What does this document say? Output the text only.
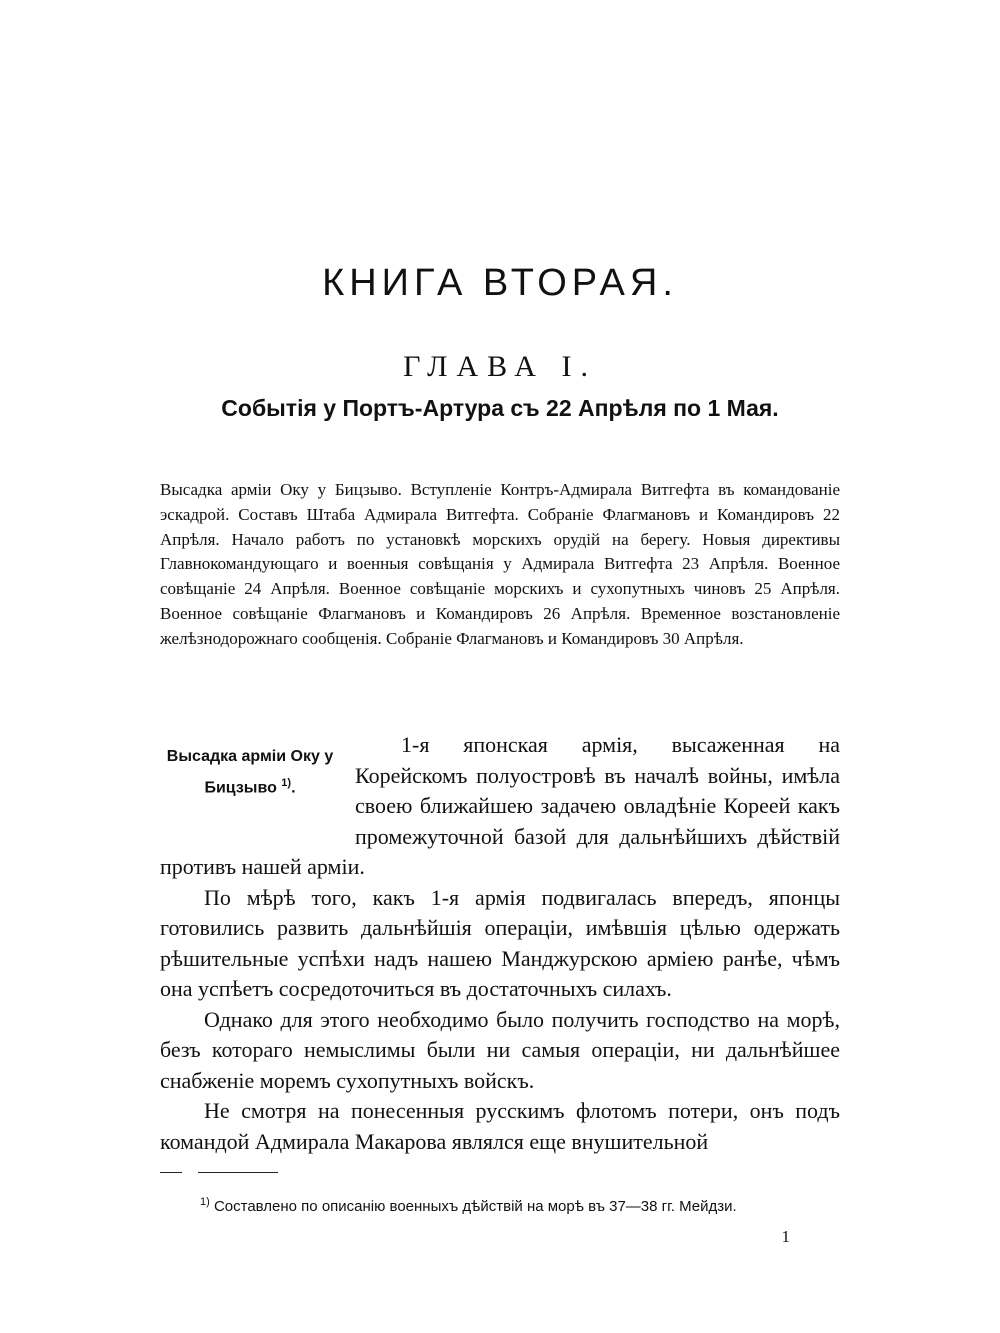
КНИГА ВТОРАЯ.
ГЛАВА I.
Событія у Портъ-Артура съ 22 Апрѣля по 1 Мая.

Высадка арміи Оку у Бицзыво. Вступленіе Контръ-Адмирала Витгефта въ командованіе эскадрой. Составъ Штаба Адмирала Витгефта. Собраніе Флагмановъ и Командировъ 22 Апрѣля. Начало работъ по установкѣ морскихъ орудій на берегу. Новыя директивы Главнокомандующаго и военныя совѣщанія у Адмирала Витгефта 23 Апрѣля. Военное совѣщаніе 24 Апрѣля. Военное совѣщаніе морскихъ и сухопутныхъ чиновъ 25 Апрѣля. Военное совѣщаніе Флагмановъ и Командировъ 26 Апрѣля. Временное возстановленіе желѣзнодорожнаго сообщенія. Собраніе Флагмановъ и Командировъ 30 Апрѣля.

Высадка арміи Оку у Бицзыво $^{1)}$.

1-я японская армія, высаженная на Корейскомъ полуостровѣ въ началѣ войны, имѣла своею ближайшею задачею овладѣніе Кореей какъ промежуточной базой для дальнѣйшихъ дѣйствій противъ нашей арміи.

По мѣрѣ того, какъ 1-я армія подвигалась впередъ, японцы готовились развить дальнѣйшія операціи, имѣвшія цѣлью одержать рѣшительные успѣхи надъ нашею Манджурскою арміею ранѣе, чѣмъ она успѣетъ сосредоточиться въ достаточныхъ силахъ.

Однако для этого необходимо было получить господство на морѣ, безъ котораго немыслимы были ни самыя операціи, ни дальнѣйшее снабженіе моремъ сухопутныхъ войскъ.

Не смотря на понесенныя русскимъ флотомъ потери, онъ подъ командой Адмирала Макарова являлся еще внушительной

$^{1)}$ Составлено по описанію военныхъ дѣйствій на морѣ въ 37—38 гг. Мейдзи.

1
